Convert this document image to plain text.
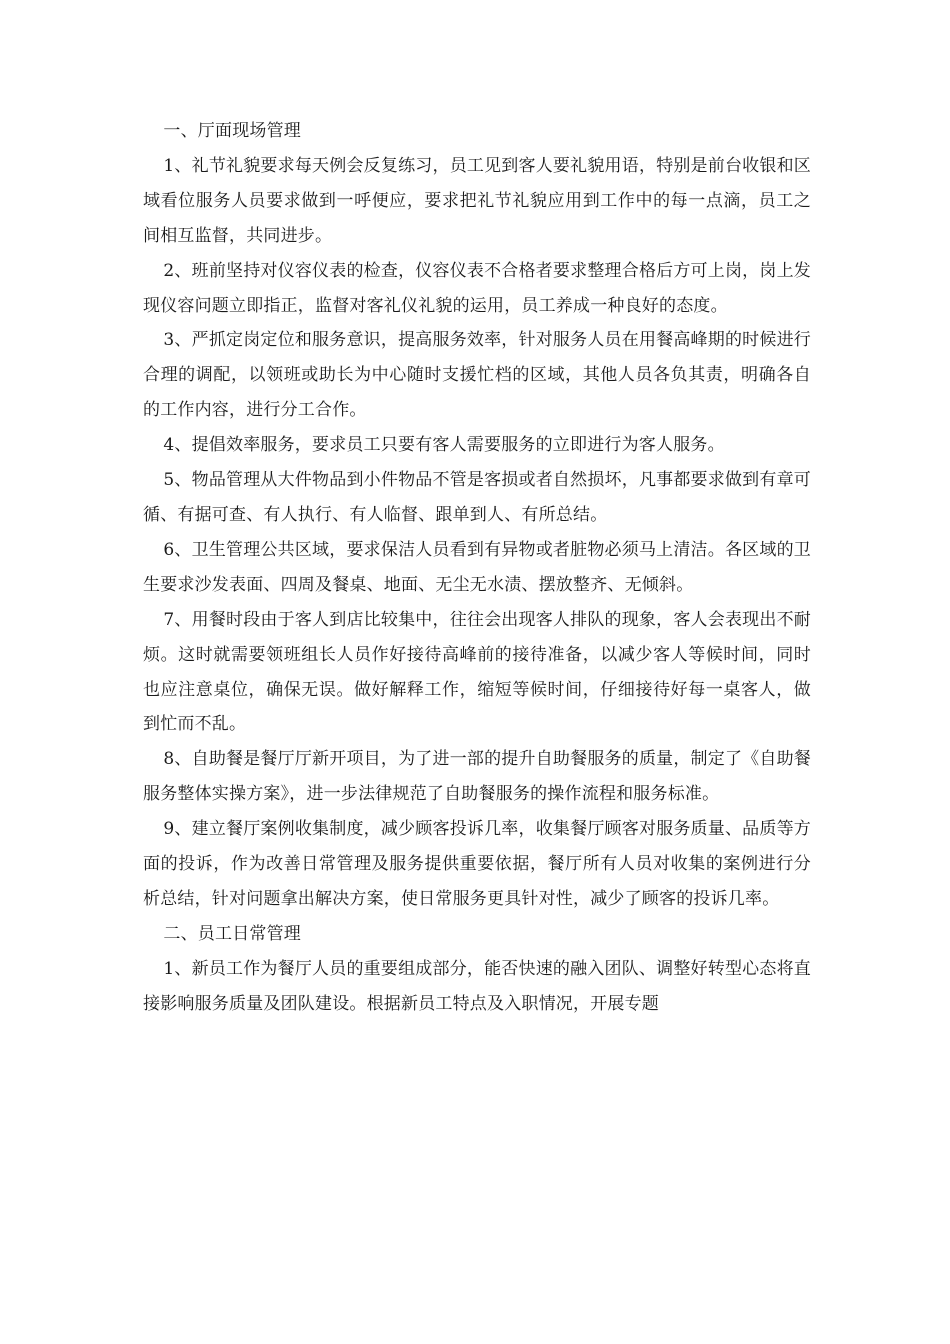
一、厅面现场管理

1、礼节礼貌要求每天例会反复练习，员工见到客人要礼貌用语，特别是前台收银和区域看位服务人员要求做到一呼便应，要求把礼节礼貌应用到工作中的每一点滴，员工之间相互监督，共同进步。

2、班前坚持对仪容仪表的检查，仪容仪表不合格者要求整理合格后方可上岗，岗上发现仪容问题立即指正，监督对客礼仪礼貌的运用，员工养成一种良好的态度。

3、严抓定岗定位和服务意识，提高服务效率，针对服务人员在用餐高峰期的时候进行合理的调配，以领班或助长为中心随时支援忙档的区域，其他人员各负其责，明确各自的工作内容，进行分工合作。

4、提倡效率服务，要求员工只要有客人需要服务的立即进行为客人服务。

5、物品管理从大件物品到小件物品不管是客损或者自然损坏，凡事都要求做到有章可循、有据可查、有人执行、有人临督、跟单到人、有所总结。

6、卫生管理公共区域，要求保洁人员看到有异物或者脏物必须马上清洁。各区域的卫生要求沙发表面、四周及餐桌、地面、无尘无水渍、摆放整齐、无倾斜。

7、用餐时段由于客人到店比较集中，往往会出现客人排队的现象，客人会表现出不耐烦。这时就需要领班组长人员作好接待高峰前的接待准备，以减少客人等候时间，同时也应注意桌位，确保无误。做好解释工作，缩短等候时间，仔细接待好每一桌客人，做到忙而不乱。

8、自助餐是餐厅厅新开项目，为了进一部的提升自助餐服务的质量，制定了《自助餐服务整体实操方案》，进一步法律规范了自助餐服务的操作流程和服务标准。

9、建立餐厅案例收集制度，减少顾客投诉几率，收集餐厅顾客对服务质量、品质等方面的投诉，作为改善日常管理及服务提供重要依据，餐厅所有人员对收集的案例进行分析总结，针对问题拿出解决方案，使日常服务更具针对性，减少了顾客的投诉几率。

二、员工日常管理

1、新员工作为餐厅人员的重要组成部分，能否快速的融入团队、调整好转型心态将直接影响服务质量及团队建设。根据新员工特点及入职情况，开展专题
